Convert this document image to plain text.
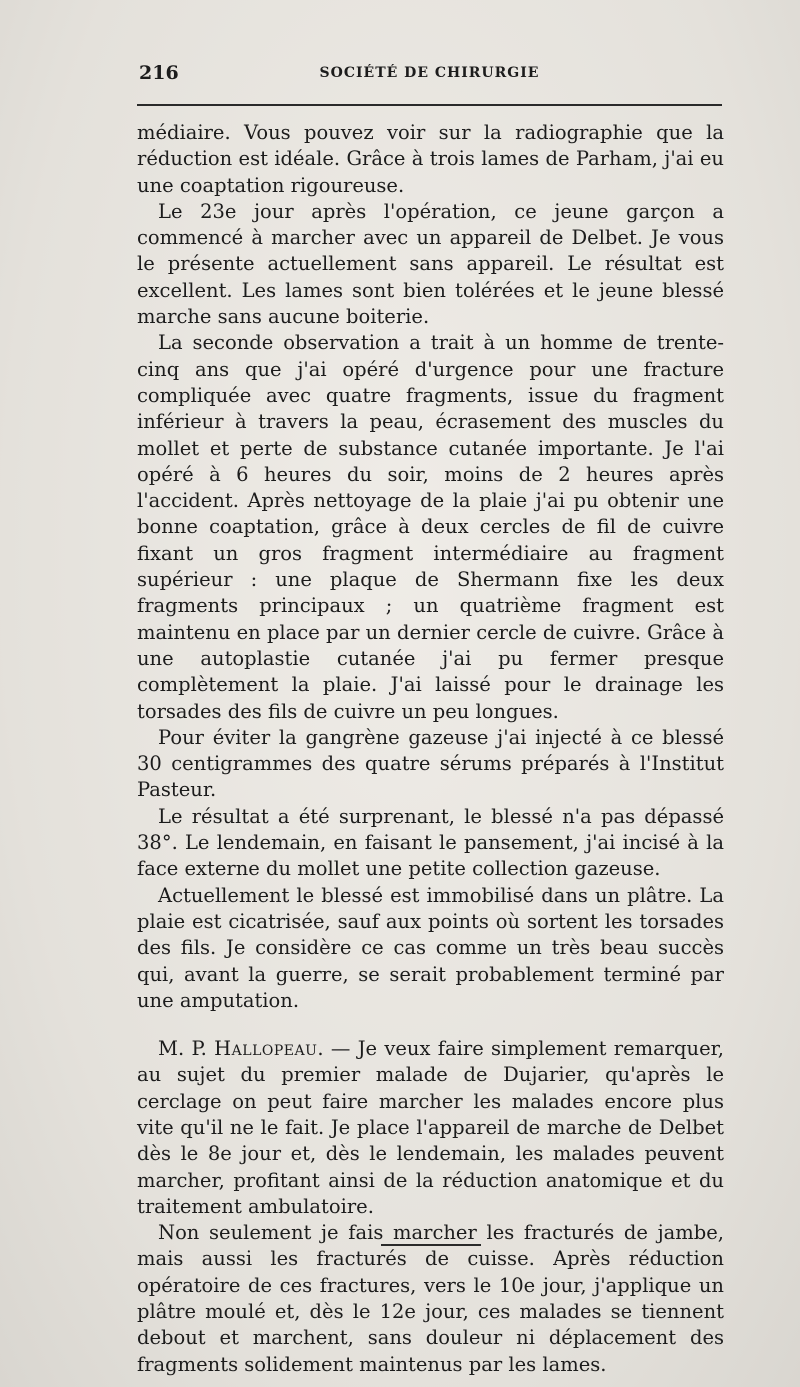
216	SOCIÉTÉ DE CHIRURGIE

médiaire. Vous pouvez voir sur la radiographie que la réduction est idéale. Grâce à trois lames de Parham, j'ai eu une coaptation rigoureuse.

Le 23e jour après l'opération, ce jeune garçon a commencé à marcher avec un appareil de Delbet. Je vous le présente actuellement sans appareil. Le résultat est excellent. Les lames sont bien tolérées et le jeune blessé marche sans aucune boiterie.

La seconde observation a trait à un homme de trente-cinq ans que j'ai opéré d'urgence pour une fracture compliquée avec quatre fragments, issue du fragment inférieur à travers la peau, écrasement des muscles du mollet et perte de substance cutanée importante. Je l'ai opéré à 6 heures du soir, moins de 2 heures après l'accident. Après nettoyage de la plaie j'ai pu obtenir une bonne coaptation, grâce à deux cercles de fil de cuivre fixant un gros fragment intermédiaire au fragment supérieur : une plaque de Shermann fixe les deux fragments principaux ; un quatrième fragment est maintenu en place par un dernier cercle de cuivre. Grâce à une autoplastie cutanée j'ai pu fermer presque complètement la plaie. J'ai laissé pour le drainage les torsades des fils de cuivre un peu longues.

Pour éviter la gangrène gazeuse j'ai injecté à ce blessé 30 centigrammes des quatre sérums préparés à l'Institut Pasteur.

Le résultat a été surprenant, le blessé n'a pas dépassé 38°. Le lendemain, en faisant le pansement, j'ai incisé à la face externe du mollet une petite collection gazeuse.

Actuellement le blessé est immobilisé dans un plâtre. La plaie est cicatrisée, sauf aux points où sortent les torsades des fils. Je considère ce cas comme un très beau succès qui, avant la guerre, se serait probablement terminé par une amputation.

M. P. Hallopeau. — Je veux faire simplement remarquer, au sujet du premier malade de Dujarier, qu'après le cerclage on peut faire marcher les malades encore plus vite qu'il ne le fait. Je place l'appareil de marche de Delbet dès le 8e jour et, dès le lendemain, les malades peuvent marcher, profitant ainsi de la réduction anatomique et du traitement ambulatoire.

Non seulement je fais marcher les fracturés de jambe, mais aussi les fracturés de cuisse. Après réduction opératoire de ces fractures, vers le 10e jour, j'applique un plâtre moulé et, dès le 12e jour, ces malades se tiennent debout et marchent, sans douleur ni déplacement des fragments solidement maintenus par les lames.
